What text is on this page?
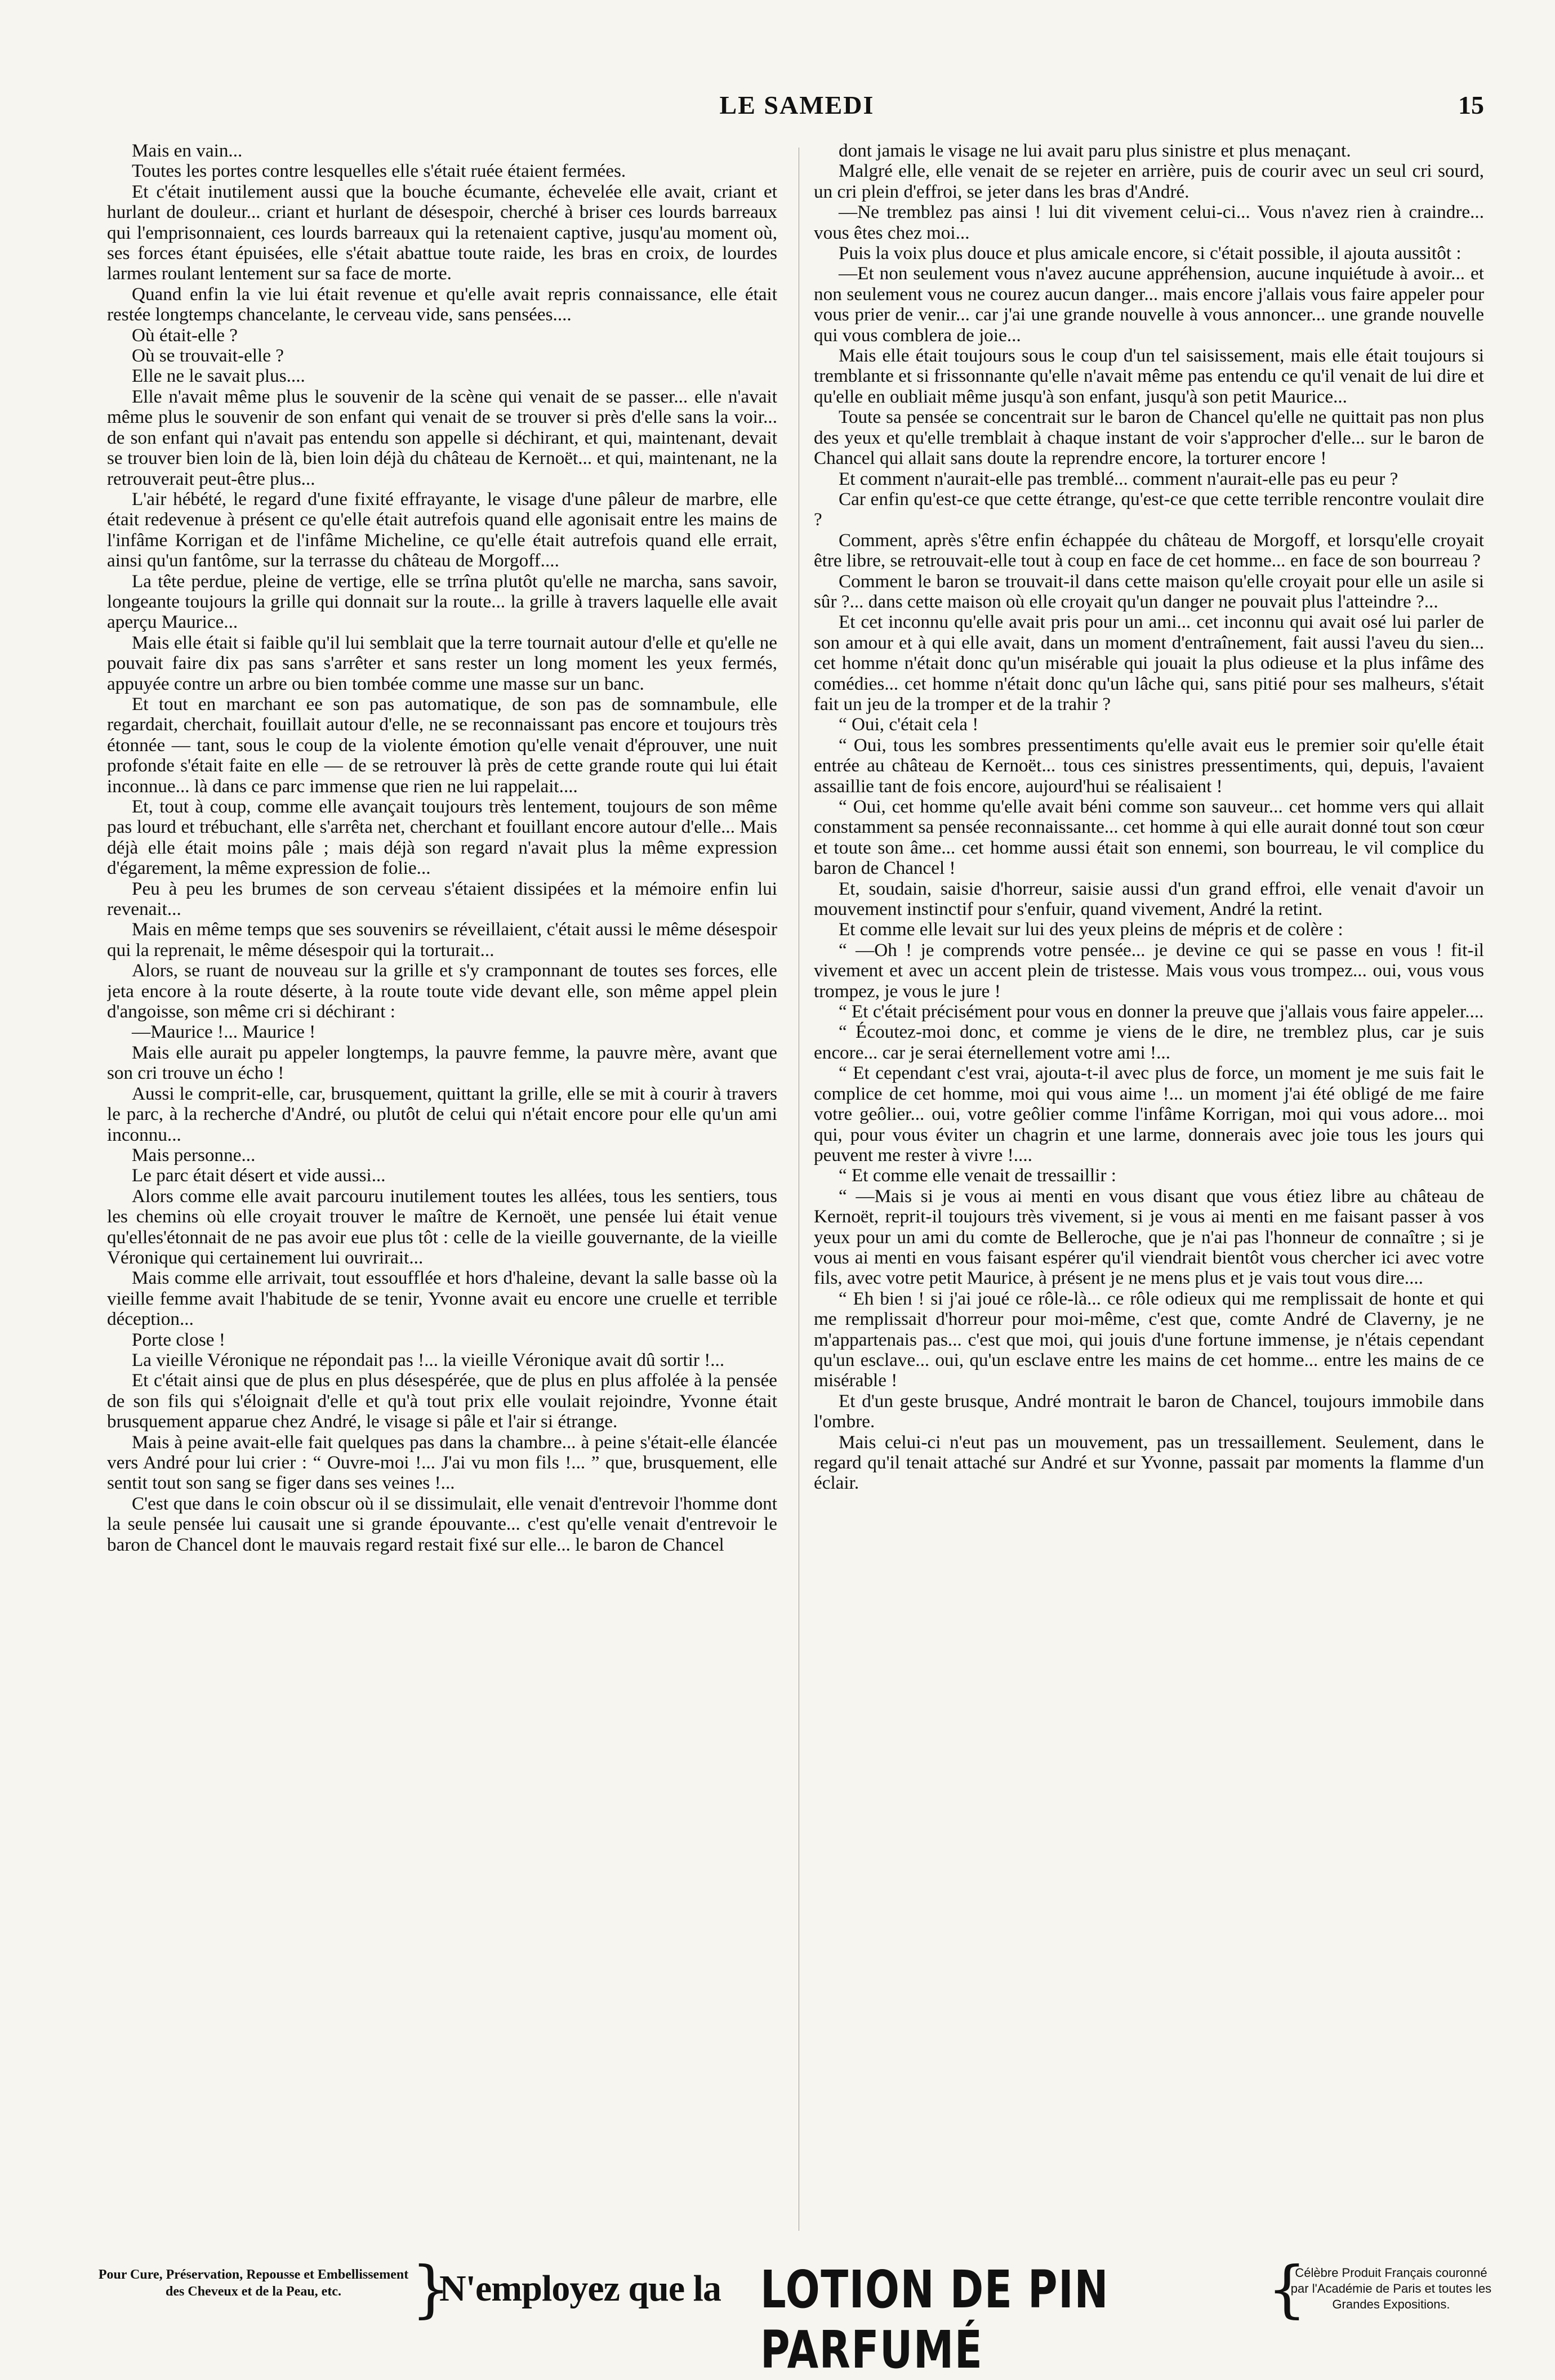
LE SAMEDI	15

Mais en vain...

Toutes les portes contre lesquelles elle s'était ruée étaient fermées.

Et c'était inutilement aussi que la bouche écumante, échevelée elle avait, criant et hurlant de douleur... criant et hurlant de désespoir, cherché à briser ces lourds barreaux qui l'emprisonnaient, ces lourds barreaux qui la retenaient captive, jusqu'au moment où, ses forces étant épuisées, elle s'était abattue toute raide, les bras en croix, de lourdes larmes roulant lentement sur sa face de morte.

Quand enfin la vie lui était revenue et qu'elle avait repris connaissance, elle était restée longtemps chancelante, le cerveau vide, sans pensées....

Où était-elle ?

Où se trouvait-elle ?

Elle ne le savait plus....

Elle n'avait même plus le souvenir de la scène qui venait de se passer... elle n'avait même plus le souvenir de son enfant qui venait de se trouver si près d'elle sans la voir... de son enfant qui n'avait pas entendu son appelle si déchirant, et qui, maintenant, devait se trouver bien loin de là, bien loin déjà du château de Kernoët... et qui, maintenant, ne la retrouverait peut-être plus...

L'air hébété, le regard d'une fixité effrayante, le visage d'une pâleur de marbre, elle était redevenue à présent ce qu'elle était autrefois quand elle agonisait entre les mains de l'infâme Korrigan et de l'infâme Micheline, ce qu'elle était autrefois quand elle errait, ainsi qu'un fantôme, sur la terrasse du château de Morgoff....

La tête perdue, pleine de vertige, elle se trrîna plutôt qu'elle ne marcha, sans savoir, longeante toujours la grille qui donnait sur la route... la grille à travers laquelle elle avait aperçu Maurice...

Mais elle était si faible qu'il lui semblait que la terre tournait autour d'elle et qu'elle ne pouvait faire dix pas sans s'arrêter et sans rester un long moment les yeux fermés, appuyée contre un arbre ou bien tombée comme une masse sur un banc.

Et tout en marchant ee son pas automatique, de son pas de somnambule, elle regardait, cherchait, fouillait autour d'elle, ne se reconnaissant pas encore et toujours très étonnée — tant, sous le coup de la violente émotion qu'elle venait d'éprouver, une nuit profonde s'était faite en elle — de se retrouver là près de cette grande route qui lui était inconnue... là dans ce parc immense que rien ne lui rappelait....

Et, tout à coup, comme elle avançait toujours très lentement, toujours de son même pas lourd et trébuchant, elle s'arrêta net, cherchant et fouillant encore autour d'elle... Mais déjà elle était moins pâle ; mais déjà son regard n'avait plus la même expression d'égarement, la même expression de folie...

Peu à peu les brumes de son cerveau s'étaient dissipées et la mémoire enfin lui revenait...

Mais en même temps que ses souvenirs se réveillaient, c'était aussi le même désespoir qui la reprenait, le même désespoir qui la torturait...

Alors, se ruant de nouveau sur la grille et s'y cramponnant de toutes ses forces, elle jeta encore à la route déserte, à la route toute vide devant elle, son même appel plein d'angoisse, son même cri si déchirant :

—Maurice !... Maurice !

Mais elle aurait pu appeler longtemps, la pauvre femme, la pauvre mère, avant que son cri trouve un écho !

Aussi le comprit-elle, car, brusquement, quittant la grille, elle se mit à courir à travers le parc, à la recherche d'André, ou plutôt de celui qui n'était encore pour elle qu'un ami inconnu...

Mais personne...

Le parc était désert et vide aussi...

Alors comme elle avait parcouru inutilement toutes les allées, tous les sentiers, tous les chemins où elle croyait trouver le maître de Kernoët, une pensée lui était venue qu'elles'étonnait de ne pas avoir eue plus tôt : celle de la vieille gouvernante, de la vieille Véronique qui certainement lui ouvrirait...

Mais comme elle arrivait, tout essoufflée et hors d'haleine, devant la salle basse où la vieille femme avait l'habitude de se tenir, Yvonne avait eu encore une cruelle et terrible déception...

Porte close !

La vieille Véronique ne répondait pas !... la vieille Véronique avait dû sortir !...

Et c'était ainsi que de plus en plus désespérée, que de plus en plus affolée à la pensée de son fils qui s'éloignait d'elle et qu'à tout prix elle voulait rejoindre, Yvonne était brusquement apparue chez André, le visage si pâle et l'air si étrange.

Mais à peine avait-elle fait quelques pas dans la chambre... à peine s'était-elle élancée vers André pour lui crier : “ Ouvre-moi !... J'ai vu mon fils !... ” que, brusquement, elle sentit tout son sang se figer dans ses veines !...

C'est que dans le coin obscur où il se dissimulait, elle venait d'entrevoir l'homme dont la seule pensée lui causait une si grande épouvante... c'est qu'elle venait d'entrevoir le baron de Chancel dont le mauvais regard restait fixé sur elle... le baron de Chancel

dont jamais le visage ne lui avait paru plus sinistre et plus menaçant.

Malgré elle, elle venait de se rejeter en arrière, puis de courir avec un seul cri sourd, un cri plein d'effroi, se jeter dans les bras d'André.

—Ne tremblez pas ainsi ! lui dit vivement celui-ci... Vous n'avez rien à craindre... vous êtes chez moi...

Puis la voix plus douce et plus amicale encore, si c'était possible, il ajouta aussitôt :

—Et non seulement vous n'avez aucune appréhension, aucune inquiétude à avoir... et non seulement vous ne courez aucun danger... mais encore j'allais vous faire appeler pour vous prier de venir... car j'ai une grande nouvelle à vous annoncer... une grande nouvelle qui vous comblera de joie...

Mais elle était toujours sous le coup d'un tel saisissement, mais elle était toujours si tremblante et si frissonnante qu'elle n'avait même pas entendu ce qu'il venait de lui dire et qu'elle en oubliait même jusqu'à son enfant, jusqu'à son petit Maurice...

Toute sa pensée se concentrait sur le baron de Chancel qu'elle ne quittait pas non plus des yeux et qu'elle tremblait à chaque instant de voir s'approcher d'elle... sur le baron de Chancel qui allait sans doute la reprendre encore, la torturer encore !

Et comment n'aurait-elle pas tremblé... comment n'aurait-elle pas eu peur ?

Car enfin qu'est-ce que cette étrange, qu'est-ce que cette terrible rencontre voulait dire ?

Comment, après s'être enfin échappée du château de Morgoff, et lorsqu'elle croyait être libre, se retrouvait-elle tout à coup en face de cet homme... en face de son bourreau ?

Comment le baron se trouvait-il dans cette maison qu'elle croyait pour elle un asile si sûr ?... dans cette maison où elle croyait qu'un danger ne pouvait plus l'atteindre ?...

Et cet inconnu qu'elle avait pris pour un ami... cet inconnu qui avait osé lui parler de son amour et à qui elle avait, dans un moment d'entraînement, fait aussi l'aveu du sien... cet homme n'était donc qu'un misérable qui jouait la plus odieuse et la plus infâme des comédies... cet homme n'était donc qu'un lâche qui, sans pitié pour ses malheurs, s'était fait un jeu de la tromper et de la trahir ?

“ Oui, c'était cela !

“ Oui, tous les sombres pressentiments qu'elle avait eus le premier soir qu'elle était entrée au château de Kernoët... tous ces sinistres pressentiments, qui, depuis, l'avaient assaillie tant de fois encore, aujourd'hui se réalisaient !

“ Oui, cet homme qu'elle avait béni comme son sauveur... cet homme vers qui allait constamment sa pensée reconnaissante... cet homme à qui elle aurait donné tout son cœur et toute son âme... cet homme aussi était son ennemi, son bourreau, le vil complice du baron de Chancel !

Et, soudain, saisie d'horreur, saisie aussi d'un grand effroi, elle venait d'avoir un mouvement instinctif pour s'enfuir, quand vivement, André la retint.

Et comme elle levait sur lui des yeux pleins de mépris et de colère :

“ —Oh ! je comprends votre pensée... je devine ce qui se passe en vous ! fit-il vivement et avec un accent plein de tristesse. Mais vous vous trompez... oui, vous vous trompez, je vous le jure !

“ Et c'était précisément pour vous en donner la preuve que j'allais vous faire appeler....

“ Écoutez-moi donc, et comme je viens de le dire, ne tremblez plus, car je suis encore... car je serai éternellement votre ami !...

“ Et cependant c'est vrai, ajouta-t-il avec plus de force, un moment je me suis fait le complice de cet homme, moi qui vous aime !... un moment j'ai été obligé de me faire votre geôlier... oui, votre geôlier comme l'infâme Korrigan, moi qui vous adore... moi qui, pour vous éviter un chagrin et une larme, donnerais avec joie tous les jours qui peuvent me rester à vivre !....

“ Et comme elle venait de tressaillir :

“ —Mais si je vous ai menti en vous disant que vous étiez libre au château de Kernoët, reprit-il toujours très vivement, si je vous ai menti en me faisant passer à vos yeux pour un ami du comte de Belleroche, que je n'ai pas l'honneur de connaître ; si je vous ai menti en vous faisant espérer qu'il viendrait bientôt vous chercher ici avec votre fils, avec votre petit Maurice, à présent je ne mens plus et je vais tout vous dire....

“ Eh bien ! si j'ai joué ce rôle-là... ce rôle odieux qui me remplissait de honte et qui me remplissait d'horreur pour moi-même, c'est que, comte André de Claverny, je ne m'appartenais pas... c'est que moi, qui jouis d'une fortune immense, je n'étais cependant qu'un esclave... oui, qu'un esclave entre les mains de cet homme... entre les mains de ce misérable !

Et d'un geste brusque, André montrait le baron de Chancel, toujours immobile dans l'ombre.

Mais celui-ci n'eut pas un mouvement, pas un tressaillement. Seulement, dans le regard qu'il tenait attaché sur André et sur Yvonne, passait par moments la flamme d'un éclair.

Pour Cure, Préservation, Repousse et Embellissement des Cheveux et de la Peau, etc.	}
N'employez que la LOTION DE PIN PARFUMÉ
{
Célèbre Produit Français couronné par l'Académie de Paris et toutes les Grandes Expositions.
